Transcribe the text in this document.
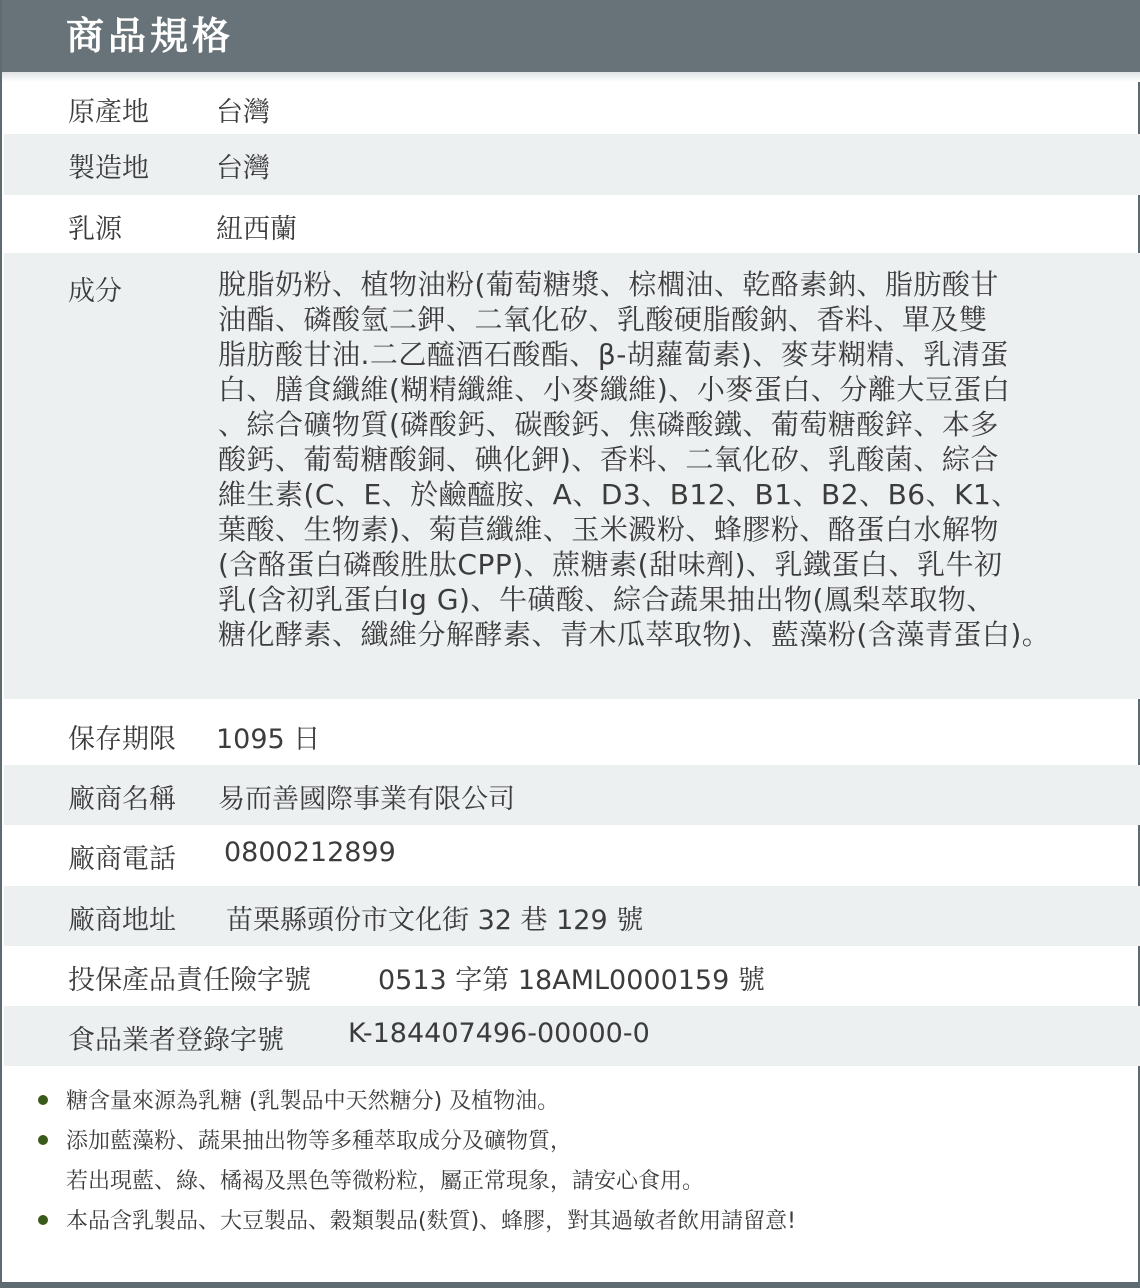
商品規格
原產地 台灣
製造地 台灣
乳源	紐西蘭
成分	脫脂奶粉、植物油粉(葡萄糖漿、棕櫚油、乾酪素鈉、脂肪酸甘
油酯、磷酸氫二鉀、二氧化矽、乳酸硬脂酸鈉、香料、單及雙
脂肪酸甘油.二乙醯酒石酸酯、β-胡蘿蔔素)、麥芽糊精、乳清蛋
白、膳食纖維(糊精纖維、小麥纖維)、小麥蛋白、分離大豆蛋白
、綜合礦物質(磷酸鈣、碳酸鈣、焦磷酸鐵、葡萄糖酸鋅、本多
酸鈣、葡萄糖酸銅、碘化鉀)、香料、二氧化矽、乳酸菌、綜合
維生素(C、E、於鹼醯胺、A、D3、B12、B1、B2、B6、K1、
葉酸、生物素)、菊苣纖維、玉米澱粉、蜂膠粉、酪蛋白水解物
(含酪蛋白磷酸胜肽CPP)、蔗糖素(甜味劑)、乳鐵蛋白、乳牛初
乳(含初乳蛋白Ig G)、牛磺酸、綜合蔬果抽出物(鳳梨萃取物、
糖化酵素、纖維分解酵素、青木瓜萃取物)、藍藻粉(含藻青蛋白)。
保存期限 1095 日
廠商名稱 易而善國際事業有限公司
廠商電話 0800212899
廠商地址 苗栗縣頭份市文化街 32 巷 129 號
投保產品責任險字號 0513 字第 18AML0000159 號
食品業者登錄字號 K-184407496-00000-0
糖含量來源為乳糖 (乳製品中天然糖分) 及植物油。
添加藍藻粉、蔬果抽出物等多種萃取成分及礦物質，
若出現藍、綠、橘褐及黑色等微粉粒，屬正常現象，請安心食用。
本品含乳製品、大豆製品、穀類製品(麩質)、蜂膠，對其過敏者飲用請留意!
